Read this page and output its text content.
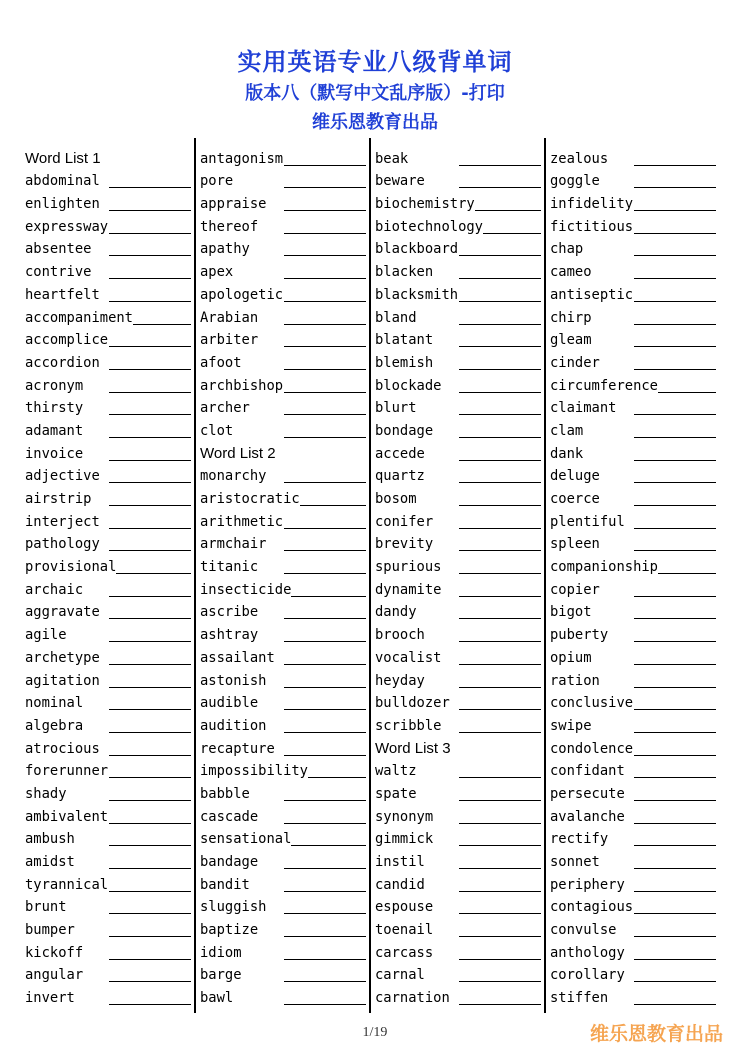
实用英语专业八级背单词
版本八（默写中文乱序版）-打印
维乐恩教育出品
Word List 1
abdominal
enlighten
expressway
absentee
contrive
heartfelt
accompaniment
accomplice
accordion
acronym
thirsty
adamant
invoice
adjective
airstrip
interject
pathology
provisional
archaic
aggravate
agile
archetype
agitation
nominal
algebra
atrocious
forerunner
shady
ambivalent
ambush
amidst
tyrannical
brunt
bumper
kickoff
angular
invert
antagonism
pore
appraise
thereof
apathy
apex
apologetic
Arabian
arbiter
afoot
archbishop
archer
clot
Word List 2
monarchy
aristocratic
arithmetic
armchair
titanic
insecticide
ascribe
ashtray
assailant
astonish
audible
audition
recapture
impossibility
babble
cascade
sensational
bandage
bandit
sluggish
baptize
idiom
barge
bawl
beak
beware
biochemistry
biotechnology
blackboard
blacken
blacksmith
bland
blatant
blemish
blockade
blurt
bondage
accede
quartz
bosom
conifer
brevity
spurious
dynamite
dandy
brooch
vocalist
heyday
bulldozer
scribble
Word List 3
waltz
spate
synonym
gimmick
instil
candid
espouse
toenail
carcass
carnal
carnation
zealous
goggle
infidelity
fictitious
chap
cameo
antiseptic
chirp
gleam
cinder
circumference
claimant
clam
dank
deluge
coerce
plentiful
spleen
companionship
copier
bigot
puberty
opium
ration
conclusive
swipe
condolence
confidant
persecute
avalanche
rectify
sonnet
periphery
contagious
convulse
anthology
corollary
stiffen
1/19	维乐恩教育出品
